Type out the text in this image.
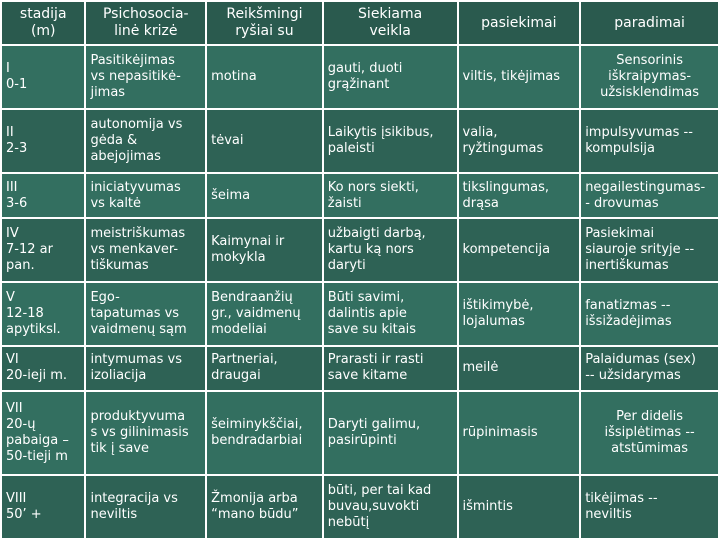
stadija
(m)	Psichosocia-
linė krizė	Reikšmingi
ryšiai su	Siekiama
veikla	pasiekimai	paradimai

I
0-1	Pasitikėjimas
vs nepasitikė-
jimas	motina	gauti, duoti
grąžinant	viltis, tikėjimas	Sensorinis
iškraipymas-
užsisklendimas

II
2-3	autonomija vs
gėda &
abejojimas	tėvai	Laikytis įsikibus,
paleisti	valia,
ryžtingumas	impulsyvumas --
kompulsija

III
3-6	iniciatyvumas
vs kaltė	šeima	Ko nors siekti,
žaisti	tikslingumas,
drąsa	negailestingumas-
- drovumas

IV
7-12 ar
pan.	meistriškumas
vs menkaver-
tiškumas	Kaimynai ir
mokykla	užbaigti darbą,
kartu ką nors
daryti	kompetencija	Pasiekimai
siauroje srityje --
inertiškumas

V
12-18
apytiksl.	Ego-
tapatumas vs
vaidmenų sąm	Bendraanžių
gr., vaidmenų
modeliai	Būti savimi,
dalintis apie
save su kitais	ištikimybė,
lojalumas	fanatizmas --
išsižadėjimas

VI
20-ieji m.	intymumas vs
izoliacija	Partneriai,
draugai	Prarasti ir rasti
save kitame	meilė	Palaidumas (sex)
-- užsidarymas

VII
20-ų
pabaiga –
50-tieji m	produktyvuma
s vs gilinimasis
tik į save	šeiminykščiai,
bendradarbiai	Daryti galimu,
pasirūpinti	rūpinimasis	Per didelis
išsiplėtimas --
atstūmimas

VIII
50’ +	integracija vs
neviltis	Žmonija arba
“mano būdu”	būti, per tai kad
buvau,suvokti
nebūtį	išmintis	tikėjimas --
neviltis
